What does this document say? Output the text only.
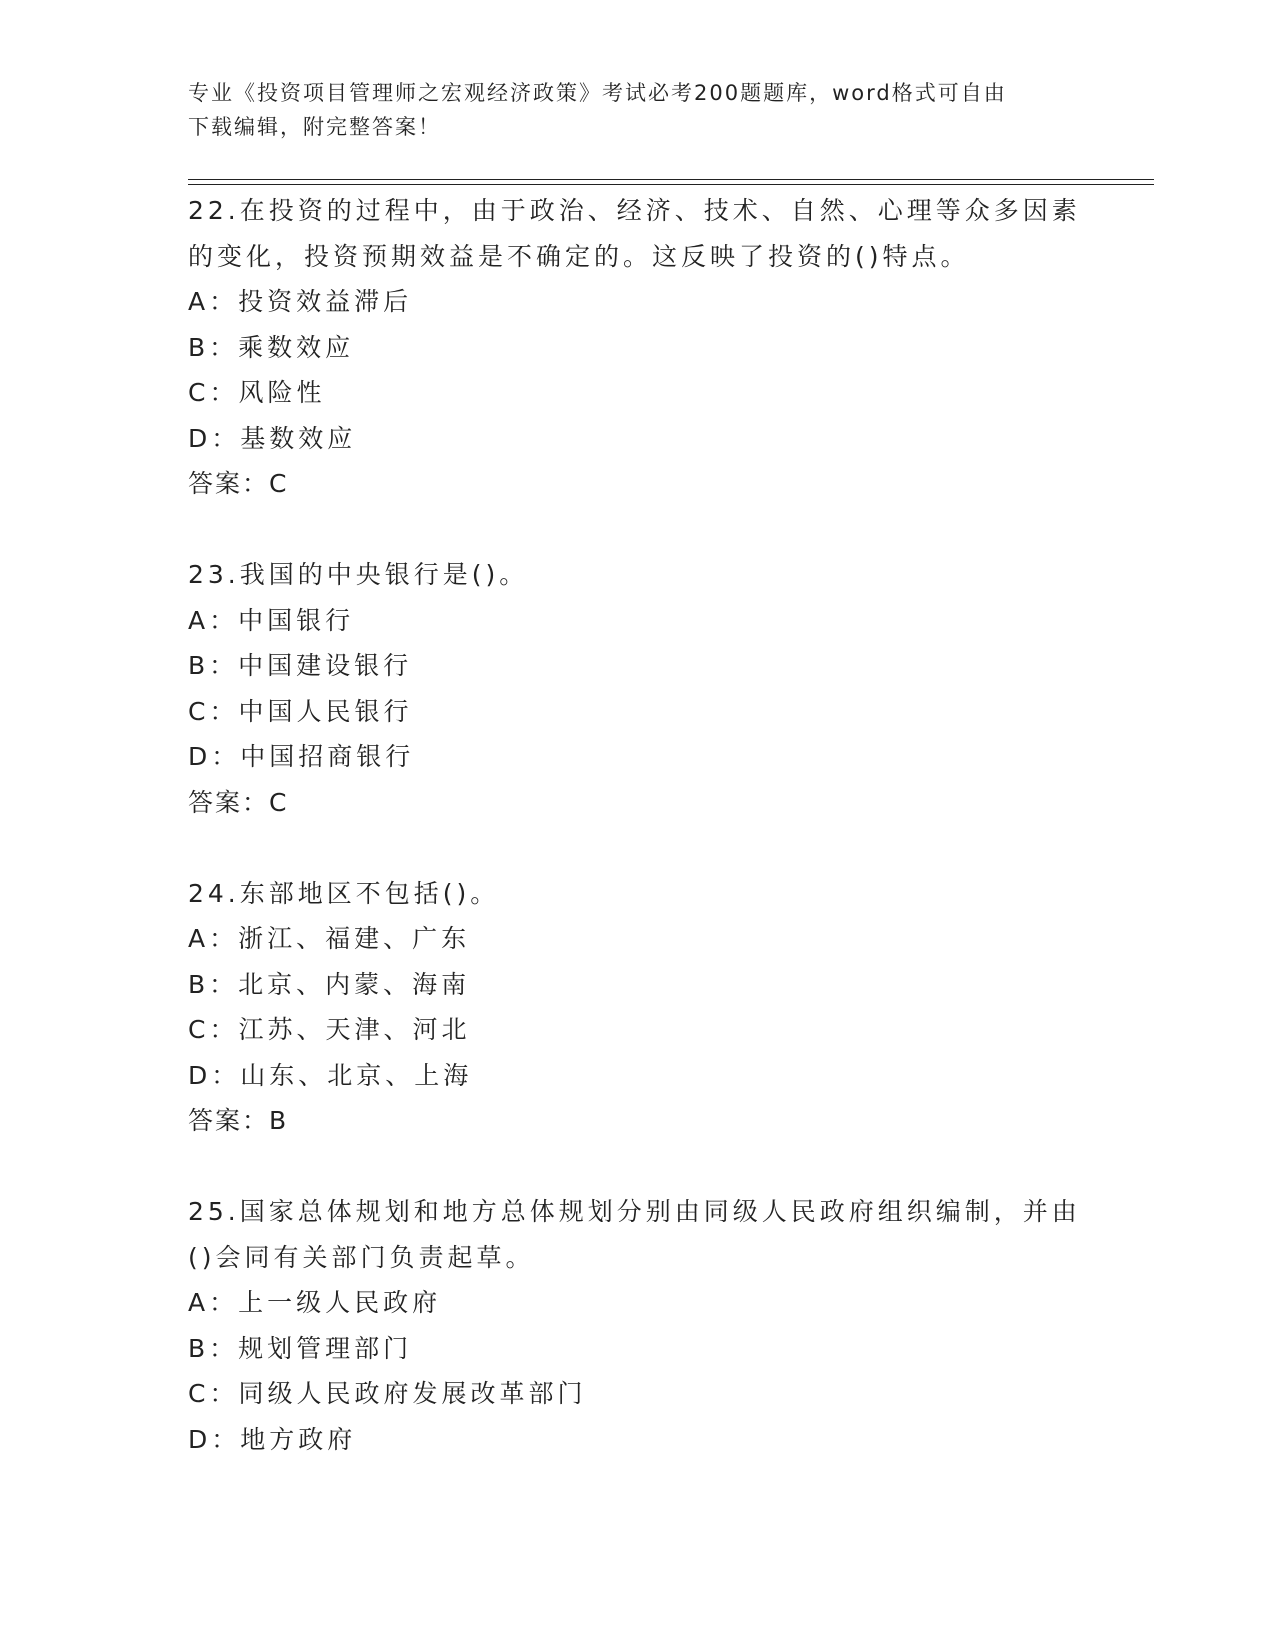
专业《投资项目管理师之宏观经济政策》考试必考200题题库，word格式可自由
下载编辑，附完整答案！
22.在投资的过程中，由于政治、经济、技术、自然、心理等众多因素
的变化，投资预期效益是不确定的。这反映了投资的()特点。
A：投资效益滞后
B：乘数效应
C：风险性
D：基数效应
答案：C
23.我国的中央银行是()。
A：中国银行
B：中国建设银行
C：中国人民银行
D：中国招商银行
答案：C
24.东部地区不包括()。
A：浙江、福建、广东
B：北京、内蒙、海南
C：江苏、天津、河北
D：山东、北京、上海
答案：B
25.国家总体规划和地方总体规划分别由同级人民政府组织编制，并由
()会同有关部门负责起草。
A：上一级人民政府
B：规划管理部门
C：同级人民政府发展改革部门
D：地方政府
